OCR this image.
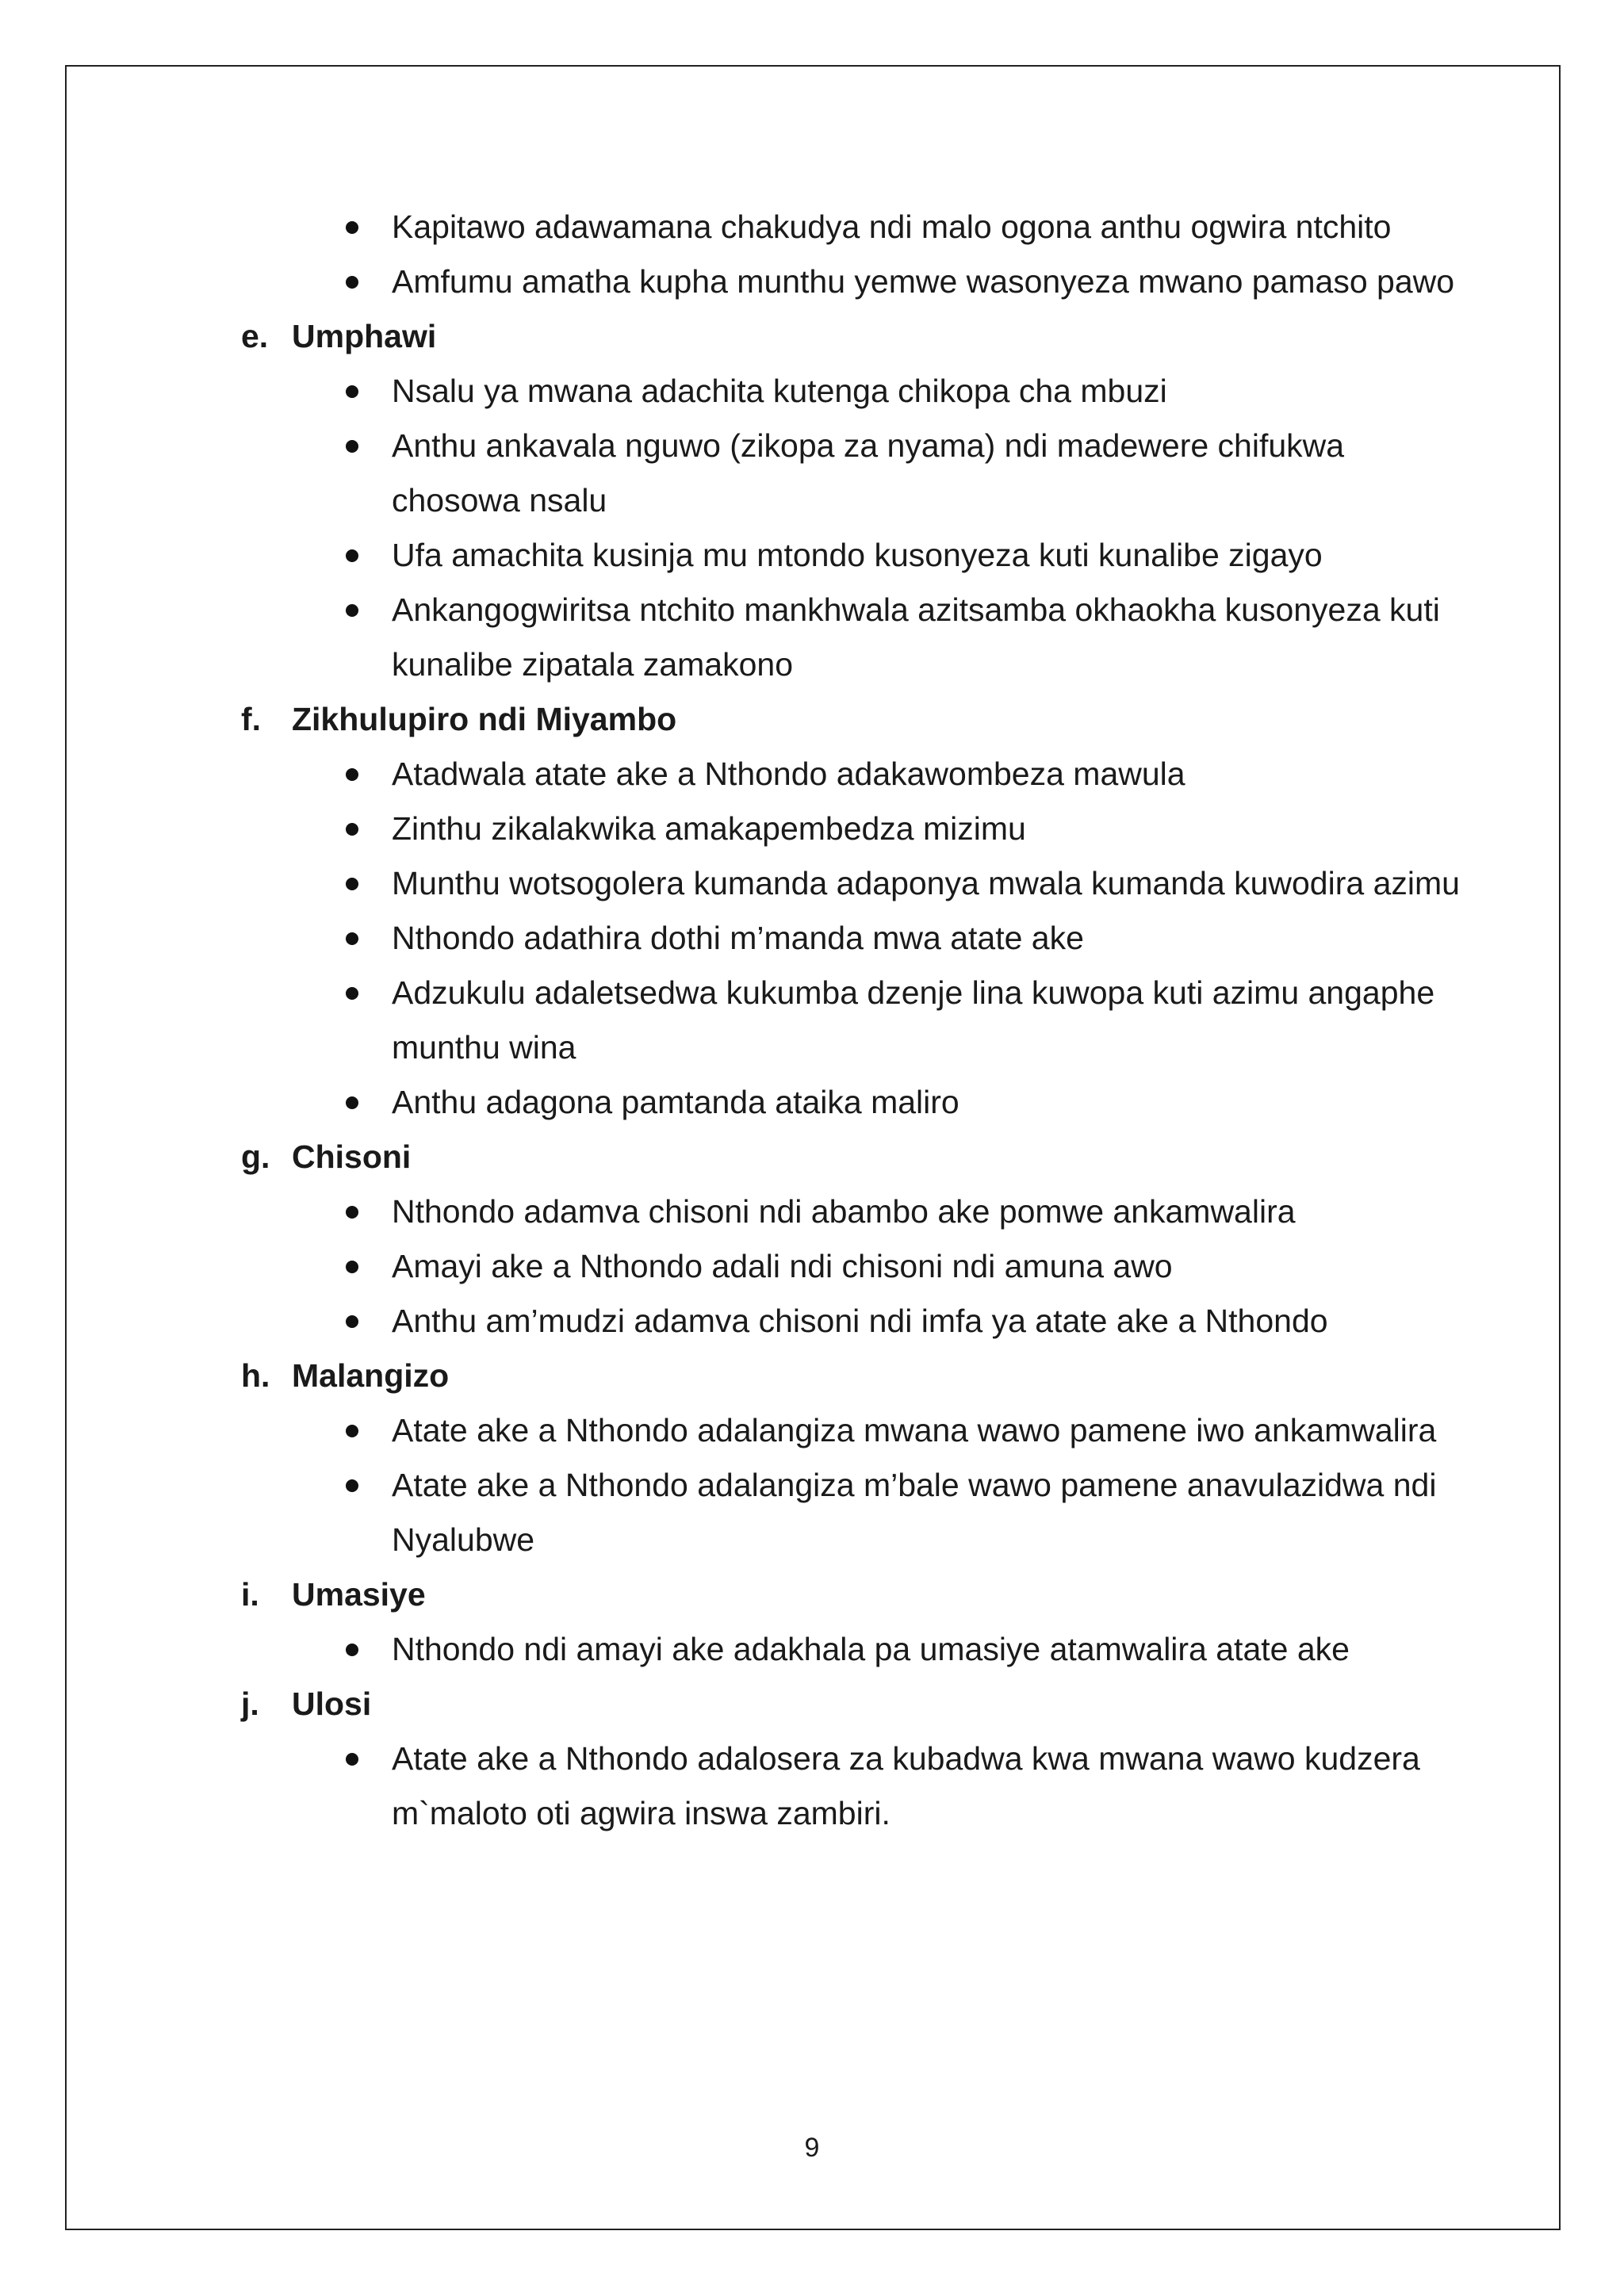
Kapitawo adawamana chakudya ndi malo ogona anthu ogwira ntchito
Amfumu amatha kupha munthu yemwe wasonyeza mwano pamaso pawo
e. Umphawi
Nsalu ya mwana adachita kutenga chikopa cha mbuzi
Anthu ankavala nguwo (zikopa za nyama) ndi madewere chifukwa chosowa nsalu
Ufa amachita kusinja mu mtondo kusonyeza kuti kunalibe zigayo
Ankangogwiritsa ntchito mankhwala azitsamba okhaokha kusonyeza kuti kunalibe zipatala zamakono
f. Zikhulupiro ndi Miyambo
Atadwala atate ake a Nthondo adakawombeza mawula
Zinthu zikalakwika amakapembedza mizimu
Munthu wotsogolera kumanda adaponya mwala kumanda kuwodira azimu
Nthondo adathira dothi m’manda mwa atate ake
Adzukulu adaletsedwa kukumba dzenje lina kuwopa kuti azimu angaphe munthu wina
Anthu adagona pamtanda ataika maliro
g. Chisoni
Nthondo adamva chisoni ndi abambo ake pomwe ankamwalira
Amayi ake a Nthondo adali ndi chisoni ndi amuna awo
Anthu am’mudzi adamva chisoni ndi imfa ya atate ake a Nthondo
h. Malangizo
Atate ake a Nthondo adalangiza mwana wawo pamene iwo ankamwalira
Atate ake a Nthondo adalangiza m’bale wawo pamene anavulazidwa ndi Nyalubwe
i.	Umasiye
Nthondo ndi amayi ake adakhala pa umasiye atamwalira atate ake
j.	Ulosi
Atate ake a Nthondo adalosera za kubadwa kwa mwana wawo kudzera m`maloto oti agwira inswa zambiri.
9
